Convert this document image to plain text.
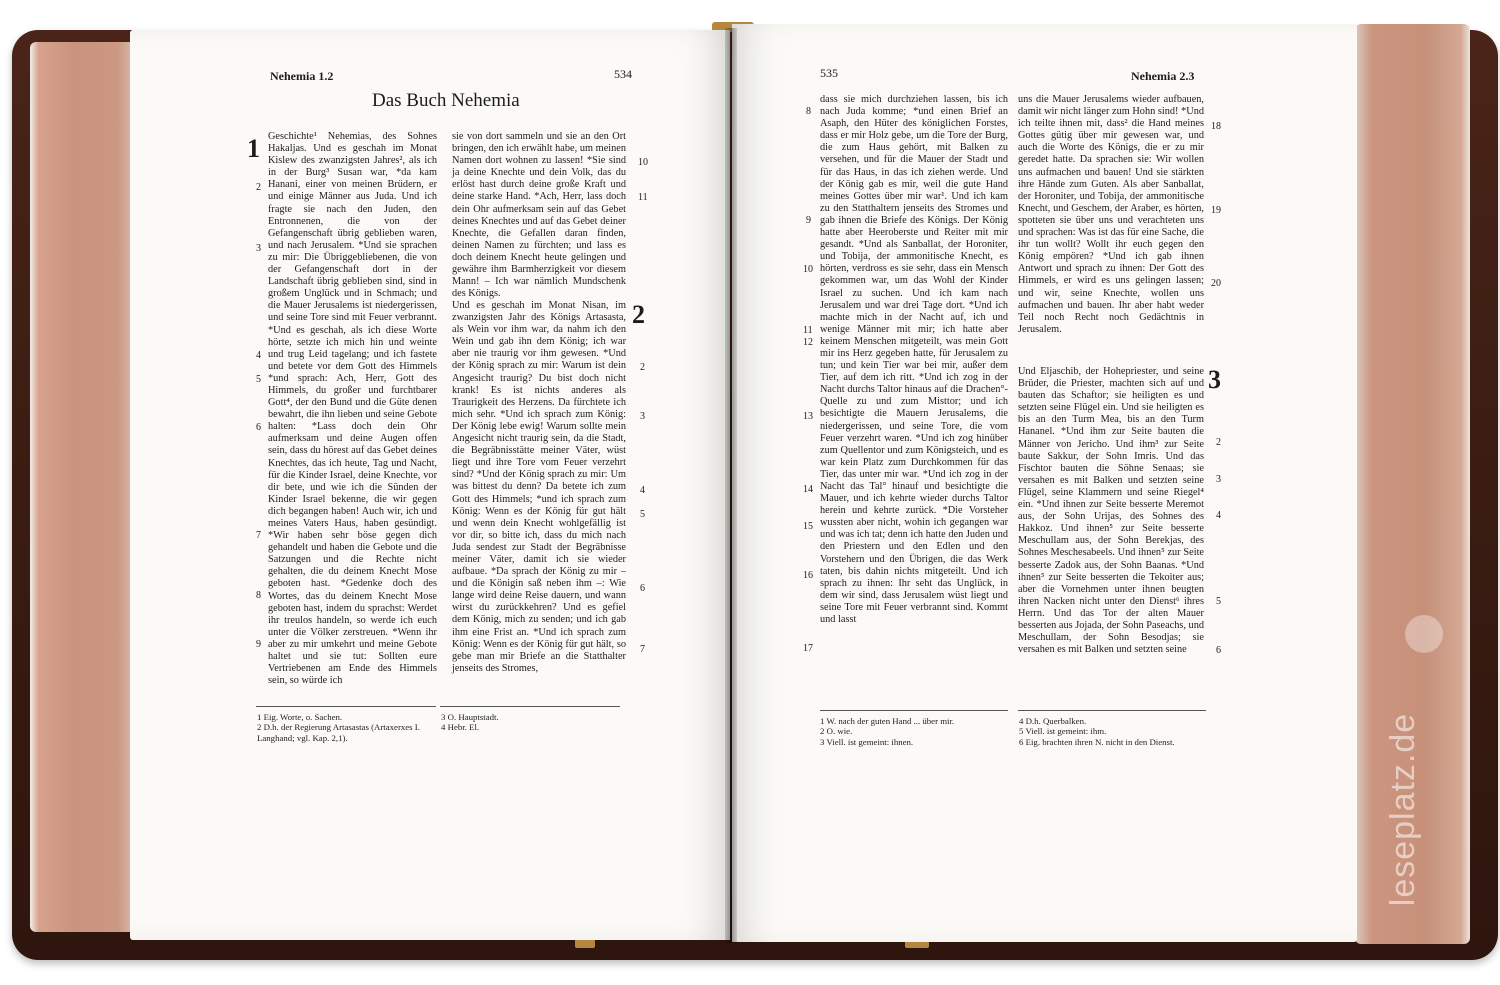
Nehemia 1.2	534
Das Buch Nehemia
1 Geschichte¹ Nehemias, des Sohnes Hakaljas. Und es geschah im Monat Kislew des zwanzigsten Jahres², als ich in der Burg³ Susan war, *da kam Hanani, einer von meinen Brüdern, er und einige Männer aus Juda. Und ich fragte sie nach den Juden, den Entronnenen, die von der Gefangenschaft übrig geblieben waren, und nach Jerusalem. *Und sie sprachen zu mir: Die Übriggebliebenen, die von der Gefangenschaft dort in der Landschaft übrig geblieben sind, sind in großem Unglück und in Schmach; und die Mauer Jerusalems ist niedergerissen, und seine Tore sind mit Feuer verbrannt. *Und es geschah, als ich diese Worte hörte, setzte ich mich hin und weinte und trug Leid tagelang; und ich fastete und betete vor dem Gott des Himmels *und sprach: Ach, Herr, Gott des Himmels, du großer und furchtbarer Gott⁴, der den Bund und die Güte denen bewahrt, die ihn lieben und seine Gebote halten: *Lass doch dein Ohr aufmerksam und deine Augen offen sein, dass du hörest auf das Gebet deines Knechtes, das ich heute, Tag und Nacht, für die Kinder Israel, deine Knechte, vor dir bete, und wie ich die Sünden der Kinder Israel bekenne, die wir gegen dich begangen haben! Auch wir, ich und meines Vaters Haus, haben gesündigt. *Wir haben sehr böse gegen dich gehandelt und haben die Gebote und die Satzungen und die Rechte nicht gehalten, die du deinem Knecht Mose geboten hast. *Gedenke doch des Wortes, das du deinem Knecht Mose geboten hast, indem du sprachst: Werdet ihr treulos handeln, so werde ich euch unter die Völker zerstreuen. *Wenn ihr aber zu mir umkehrt und meine Gebote haltet und sie tut: Sollten eure Vertriebenen am Ende des Himmels sein, so würde ich

sie von dort sammeln und sie an den Ort bringen, den ich erwählt habe, um meinen Namen dort wohnen zu lassen! *Sie sind ja deine Knechte und dein Volk, das du erlöst hast durch deine große Kraft und deine starke Hand. *Ach, Herr, lass doch dein Ohr aufmerksam sein auf das Gebet deines Knechtes und auf das Gebet deiner Knechte, die Gefallen daran finden, deinen Namen zu fürchten; und lass es doch deinem Knecht heute gelingen und gewähre ihm Barmherzigkeit vor diesem Mann! – Ich war nämlich Mundschenk des Königs.

2

Und es geschah im Monat Nisan, im zwanzigsten Jahr des Königs Artasasta, als Wein vor ihm war, da nahm ich den Wein und gab ihn dem König; ich war aber nie traurig vor ihm gewesen. *Und der König sprach zu mir: Warum ist dein Angesicht traurig? Du bist doch nicht krank! Es ist nichts anderes als Traurigkeit des Herzens. Da fürchtete ich mich sehr. *Und ich sprach zum König: Der König lebe ewig! Warum sollte mein Angesicht nicht traurig sein, da die Stadt, die Begräbnisstätte meiner Väter, wüst liegt und ihre Tore vom Feuer verzehrt sind? *Und der König sprach zu mir: Um was bittest du denn? Da betete ich zum Gott des Himmels; *und ich sprach zum König: Wenn es der König für gut hält und wenn dein Knecht wohlgefällig ist vor dir, so bitte ich, dass du mich nach Juda sendest zur Stadt der Begräbnisse meiner Väter, damit ich sie wieder aufbaue. *Da sprach der König zu mir – und die Königin saß neben ihm –: Wie lange wird deine Reise dauern, und wann wirst du zurückkehren? Und es gefiel dem König, mich zu senden; und ich gab ihm eine Frist an. *Und ich sprach zum König: Wenn es der König für gut hält, so gebe man mir Briefe an die Statthalter jenseits des Stromes,

2
3
4
5
6
7
8
9
10
11
2
3
4
5
6
7
1 Eig. Worte, o. Sachen.
2 D.h. der Regierung Artasastas (Artaxerxes I. Langhand; vgl. Kap. 2,1).
3 O. Hauptstadt.
4 Hebr. El.
535	Nehemia 2.3

dass sie mich durchziehen lassen, bis ich nach Juda komme; *und einen Brief an Asaph, den Hüter des königlichen Forstes, dass er mir Holz gebe, um die Tore der Burg, die zum Haus gehört, mit Balken zu versehen, und für die Mauer der Stadt und für das Haus, in das ich ziehen werde. Und der König gab es mir, weil die gute Hand meines Gottes über mir war¹. Und ich kam zu den Statthaltern jenseits des Stromes und gab ihnen die Briefe des Königs. Der König hatte aber Heeroberste und Reiter mit mir gesandt. *Und als Sanballat, der Horoniter, und Tobija, der ammonitische Knecht, es hörten, verdross es sie sehr, dass ein Mensch gekommen war, um das Wohl der Kinder Israel zu suchen. Und ich kam nach Jerusalem und war drei Tage dort. *Und ich machte mich in der Nacht auf, ich und wenige Männer mit mir; ich hatte aber keinem Menschen mitgeteilt, was mein Gott mir ins Herz gegeben hatte, für Jerusalem zu tun; und kein Tier war bei mir, außer dem Tier, auf dem ich ritt. *Und ich zog in der Nacht durchs Taltor hinaus auf die Drachen°-Quelle zu und zum Misttor; und ich besichtigte die Mauern Jerusalems, die niedergerissen, und seine Tore, die vom Feuer verzehrt waren. *Und ich zog hinüber zum Quellentor und zum Königsteich, und es war kein Platz zum Durchkommen für das Tier, das unter mir war. *Und ich zog in der Nacht das Tal° hinauf und besichtigte die Mauer, und ich kehrte wieder durchs Taltor herein und kehrte zurück. *Die Vorsteher wussten aber nicht, wohin ich gegangen war und was ich tat; denn ich hatte den Juden und den Priestern und den Edlen und den Vorstehern und den Übrigen, die das Werk taten, bis dahin nichts mitgeteilt. Und ich sprach zu ihnen: Ihr seht das Unglück, in dem wir sind, dass Jerusalem wüst liegt und seine Tore mit Feuer verbrannt sind. Kommt und lasst

uns die Mauer Jerusalems wieder aufbauen, damit wir nicht länger zum Hohn sind! *Und ich teilte ihnen mit, dass² die Hand meines Gottes gütig über mir gewesen war, und auch die Worte des Königs, die er zu mir geredet hatte. Da sprachen sie: Wir wollen uns aufmachen und bauen! Und sie stärkten ihre Hände zum Guten. Als aber Sanballat, der Horoniter, und Tobija, der ammonitische Knecht, und Geschem, der Araber, es hörten, spotteten sie über uns und verachteten uns und sprachen: Was ist das für eine Sache, die ihr tun wollt? Wollt ihr euch gegen den König empören? *Und ich gab ihnen Antwort und sprach zu ihnen: Der Gott des Himmels, er wird es uns gelingen lassen; und wir, seine Knechte, wollen uns aufmachen und bauen. Ihr aber habt weder Teil noch Recht noch Gedächtnis in Jerusalem.

3

Und Eljaschib, der Hohepriester, und seine Brüder, die Priester, machten sich auf und bauten das Schaftor; sie heiligten es und setzten seine Flügel ein. Und sie heiligten es bis an den Turm Mea, bis an den Turm Hananel. *Und ihm zur Seite bauten die Männer von Jericho. Und ihm³ zur Seite baute Sakkur, der Sohn Imris. Und das Fischtor bauten die Söhne Senaas; sie versahen es mit Balken und setzten seine Flügel, seine Klammern und seine Riegel⁴ ein. *Und ihnen zur Seite besserte Meremot aus, der Sohn Urijas, des Sohnes des Hakkoz. Und ihnen⁵ zur Seite besserte Meschullam aus, der Sohn Berekjas, des Sohnes Meschesabeels. Und ihnen⁵ zur Seite besserte Zadok aus, der Sohn Baanas. *Und ihnen⁵ zur Seite besserten die Tekoiter aus; aber die Vornehmen unter ihnen beugten ihren Nacken nicht unter den Dienst⁶ ihres Herrn. Und das Tor der alten Mauer besserten aus Jojada, der Sohn Paseachs, und Meschullam, der Sohn Besodjas; sie versahen es mit Balken und setzten seine

8
9
10
11
12
13
14
15
16
17
18
19
20
2
3
4
5
6
1 W. nach der guten Hand ... über mir.
2 O. wie.
3 Viell. ist gemeint: ihnen.
4 D.h. Querbalken.
5 Viell. ist gemeint: ihm.
6 Eig. brachten ihren N. nicht in den Dienst.	leseplatz.de
